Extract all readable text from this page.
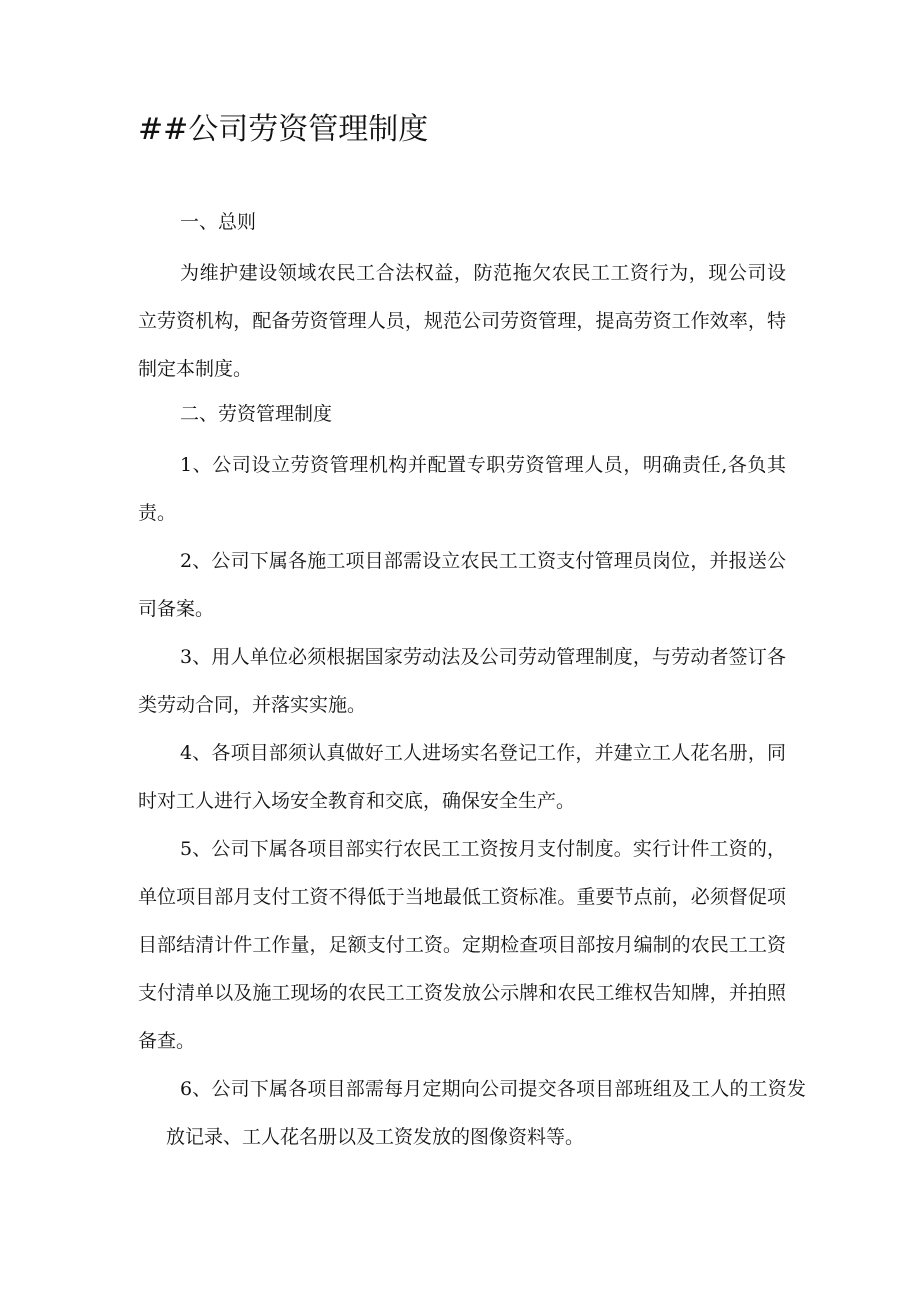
##公司劳资管理制度
一、总则

为维护建设领域农民工合法权益，防范拖欠农民工工资行为，现公司设立劳资机构，配备劳资管理人员，规范公司劳资管理，提高劳资工作效率，特制定本制度。

二、劳资管理制度

1、公司设立劳资管理机构并配置专职劳资管理人员，明确责任,各负其责。

2、公司下属各施工项目部需设立农民工工资支付管理员岗位，并报送公司备案。

3、用人单位必须根据国家劳动法及公司劳动管理制度，与劳动者签订各类劳动合同，并落实实施。

4、各项目部须认真做好工人进场实名登记工作，并建立工人花名册，同时对工人进行入场安全教育和交底，确保安全生产。

5、公司下属各项目部实行农民工工资按月支付制度。实行计件工资的，单位项目部月支付工资不得低于当地最低工资标准。重要节点前，必须督促项目部结清计件工作量，足额支付工资。定期检查项目部按月编制的农民工工资支付清单以及施工现场的农民工工资发放公示牌和农民工维权告知牌，并拍照备查。

6、公司下属各项目部需每月定期向公司提交各项目部班组及工人的工资发放记录、工人花名册以及工资发放的图像资料等。
